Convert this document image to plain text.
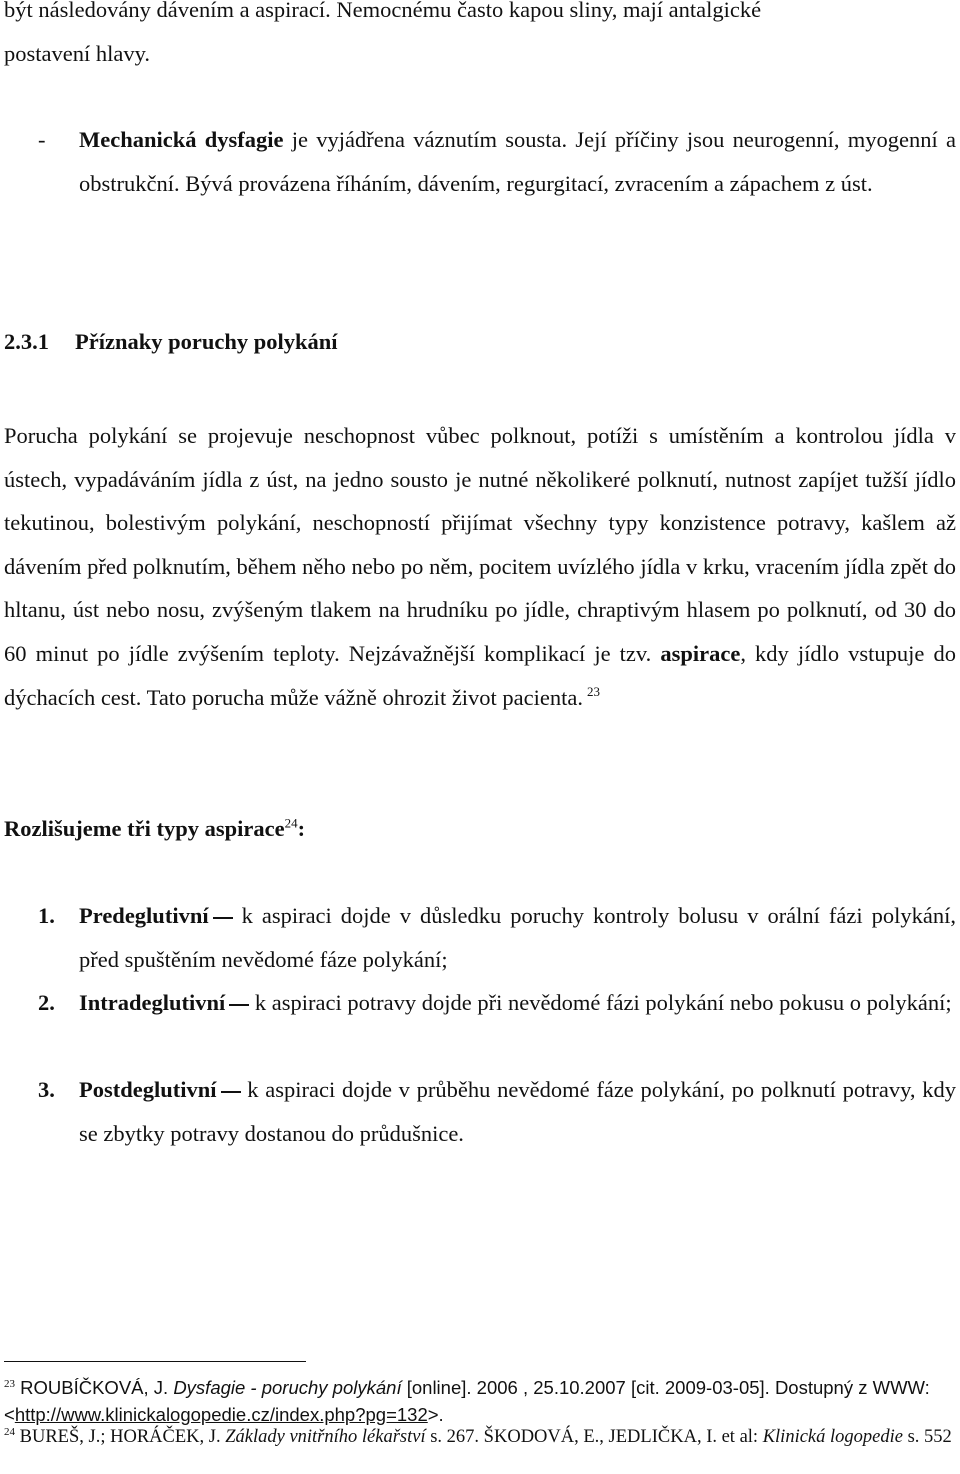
být následovány dávením a aspirací. Nemocnému často kapou sliny, mají antalgické
postavení hlavy.

- Mechanická dysfagie je vyjádřena váznutím sousta. Její příčiny jsou neurogenní, myogenní a obstrukční. Bývá provázena říháním, dávením, regurgitací, zvracením a zápachem z úst.

2.3.1 Příznaky poruchy polykání

Porucha polykání se projevuje neschopnost vůbec polknout, potíži s umístěním a kontrolou jídla v ústech, vypadáváním jídla z úst, na jedno sousto je nutné několikeré polknutí, nutnost zapíjet tužší jídlo tekutinou, bolestivým polykání, neschopností přijímat všechny typy konzistence potravy, kašlem až dávením před polknutím, během něho nebo po něm, pocitem uvízlého jídla v krku, vracením jídla zpět do hltanu, úst nebo nosu, zvýšeným tlakem na hrudníku po jídle, chraptivým hlasem po polknutí, od 30 do 60 minut po jídle zvýšením teploty. Nejzávažnější komplikací je tzv. aspirace, kdy jídlo vstupuje do dýchacích cest. Tato porucha může vážně ohrozit život pacienta. $^{23}$

Rozlišujeme tři typy aspirace$^{24}$:

1. Predeglutivní k aspiraci dojde v důsledku poruchy kontroly bolusu v orální fázi polykání, před spuštěním nevědomé fáze polykání;

2. Intradeglutivní k aspiraci potravy dojde při nevědomé fázi polykání nebo pokusu o polykání;

3. Postdeglutivní k aspiraci dojde v průběhu nevědomé fáze polykání, po polknutí potravy, kdy se zbytky potravy dostanou do průdušnice.

$^{23}$ ROUBÍČKOVÁ, J. Dysfagie - poruchy polykání [online]. 2006 , 25.10.2007 [cit. 2009-03-05]. Dostupný z WWW:
<http://www.klinickalogopedie.cz/index.php?pg=132>.

$^{24}$ BUREŠ, J.; HORÁČEK, J. Základy vnitřního lékařství s. 267. ŠKODOVÁ, E., JEDLIČKA, I. et al: Klinická logopedie s. 552
